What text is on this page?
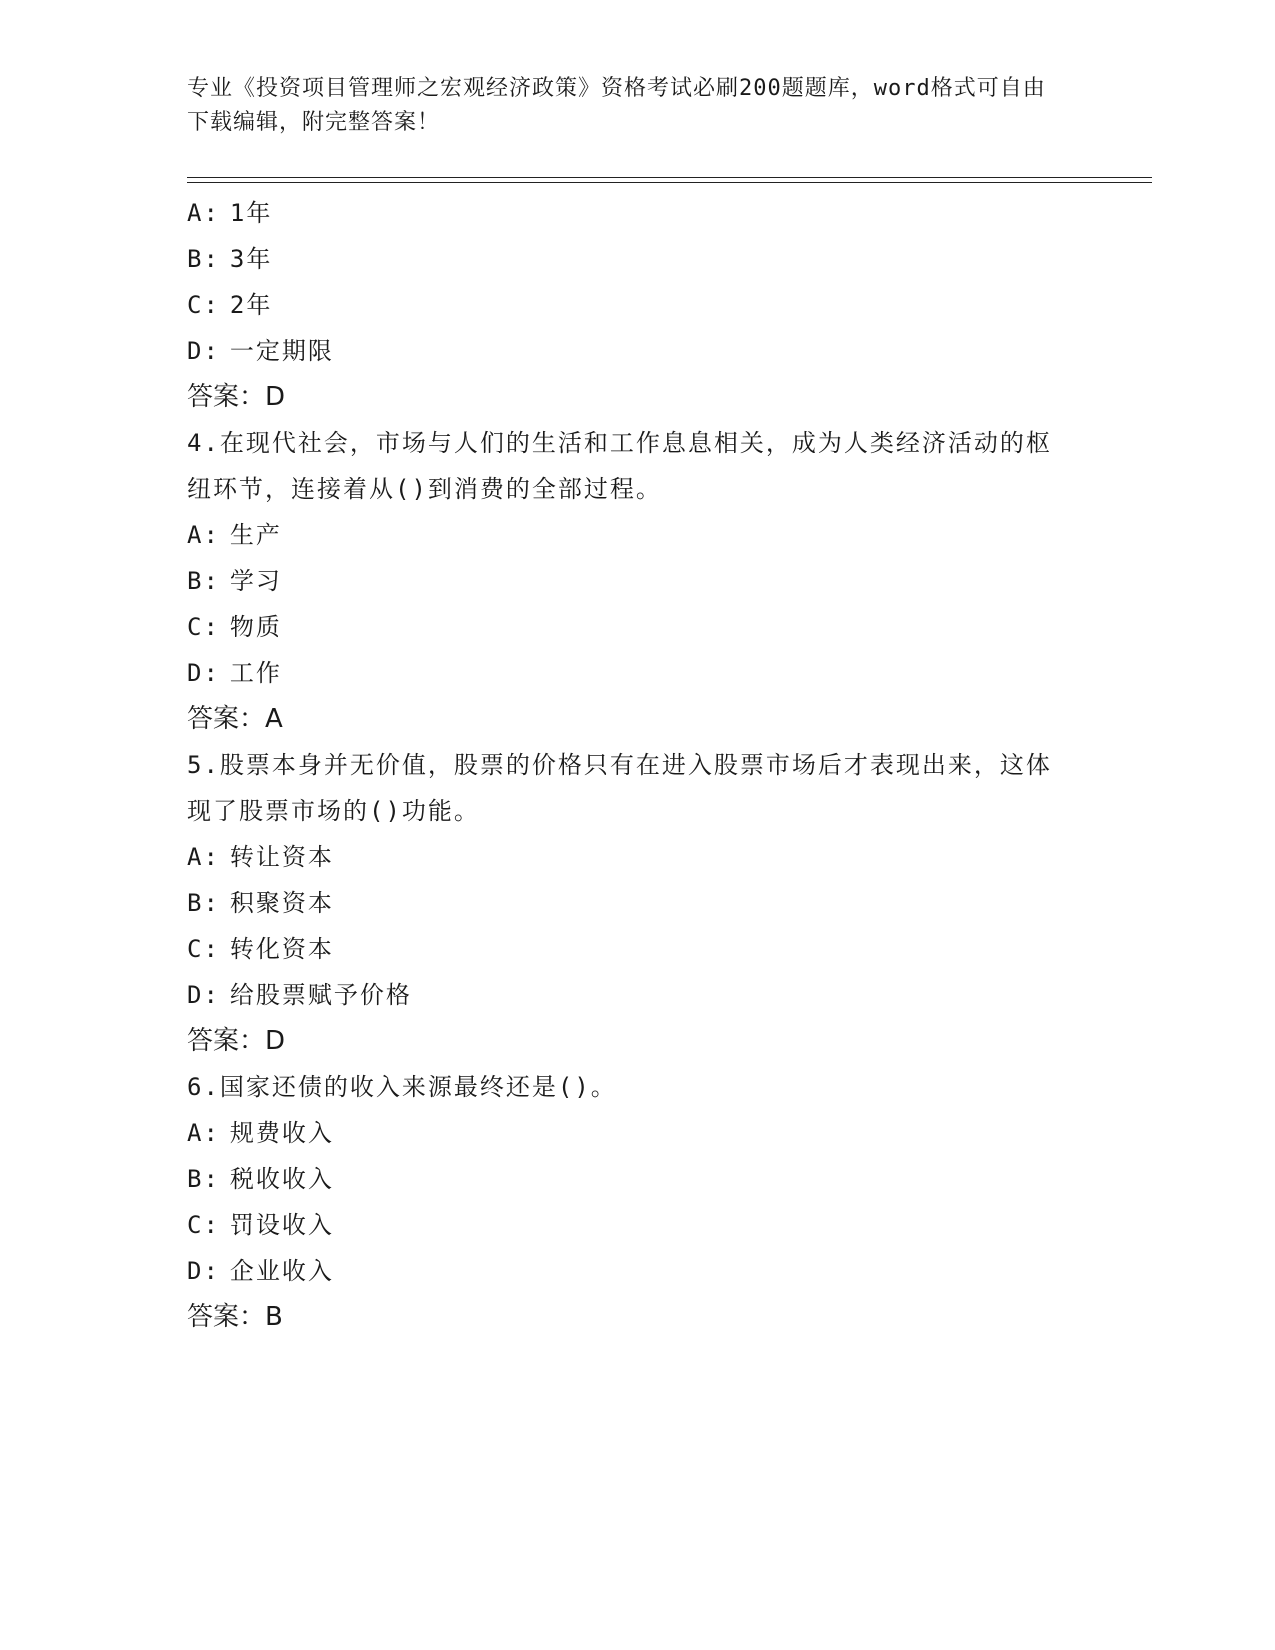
专业《投资项目管理师之宏观经济政策》资格考试必刷200题题库，word格式可自由下载编辑，附完整答案！
A: 1年
B: 3年
C: 2年
D: 一定期限
答案：D
4.在现代社会，市场与人们的生活和工作息息相关，成为人类经济活动的枢纽环节，连接着从()到消费的全部过程。
A: 生产
B: 学习
C: 物质
D: 工作
答案：A
5.股票本身并无价值，股票的价格只有在进入股票市场后才表现出来，这体现了股票市场的()功能。
A: 转让资本
B: 积聚资本
C: 转化资本
D: 给股票赋予价格
答案：D
6.国家还债的收入来源最终还是()。
A: 规费收入
B: 税收收入
C: 罚设收入
D: 企业收入
答案：B
